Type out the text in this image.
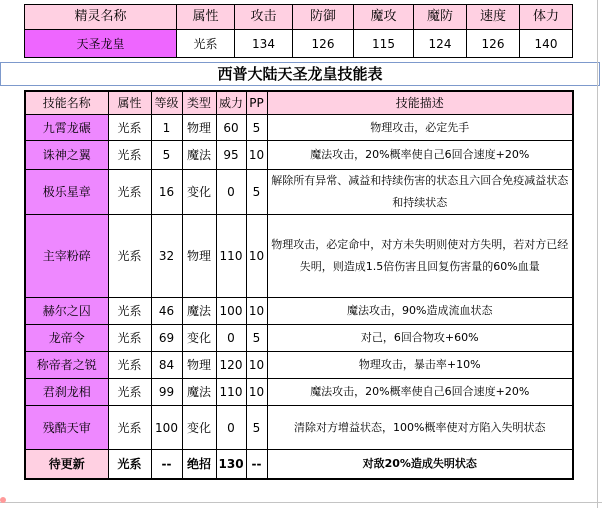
精灵名称	属性	攻击	防御	魔攻	魔防	速度	体力
天圣龙皇	光系	134	126	115	124	126	140
西普大陆天圣龙皇技能表
技能名称	属性	等级	类型	威力	PP	技能描述
九霄龙碾	光系	1	物理	60	5	物理攻击，必定先手
诛神之翼	光系	5	魔法	95	10	魔法攻击，20%概率使自己6回合速度+20%
极乐星章	光系	16	变化	0	5	解除所有异常、减益和持续伤害的状态且六回合免疫减益状态和持续状态
主宰粉碎	光系	32	物理	110	10	物理攻击，必定命中，对方未失明则使对方失明，若对方已经失明，则造成1.5倍伤害且回复伤害量的60%血量
赫尔之囚	光系	46	魔法	100	10	魔法攻击，90%造成流血状态
龙帝令	光系	69	变化	0	5	对己，6回合物攻+60%
称帝者之锐	光系	84	物理	120	10	物理攻击，暴击率+10%
君刹龙相	光系	99	魔法	110	10	魔法攻击，20%概率使自己6回合速度+20%
残酷天审	光系	100	变化	0	5	清除对方增益状态，100%概率使对方陷入失明状态
待更新	光系	--	绝招	130	--	对敌20%造成失明状态
